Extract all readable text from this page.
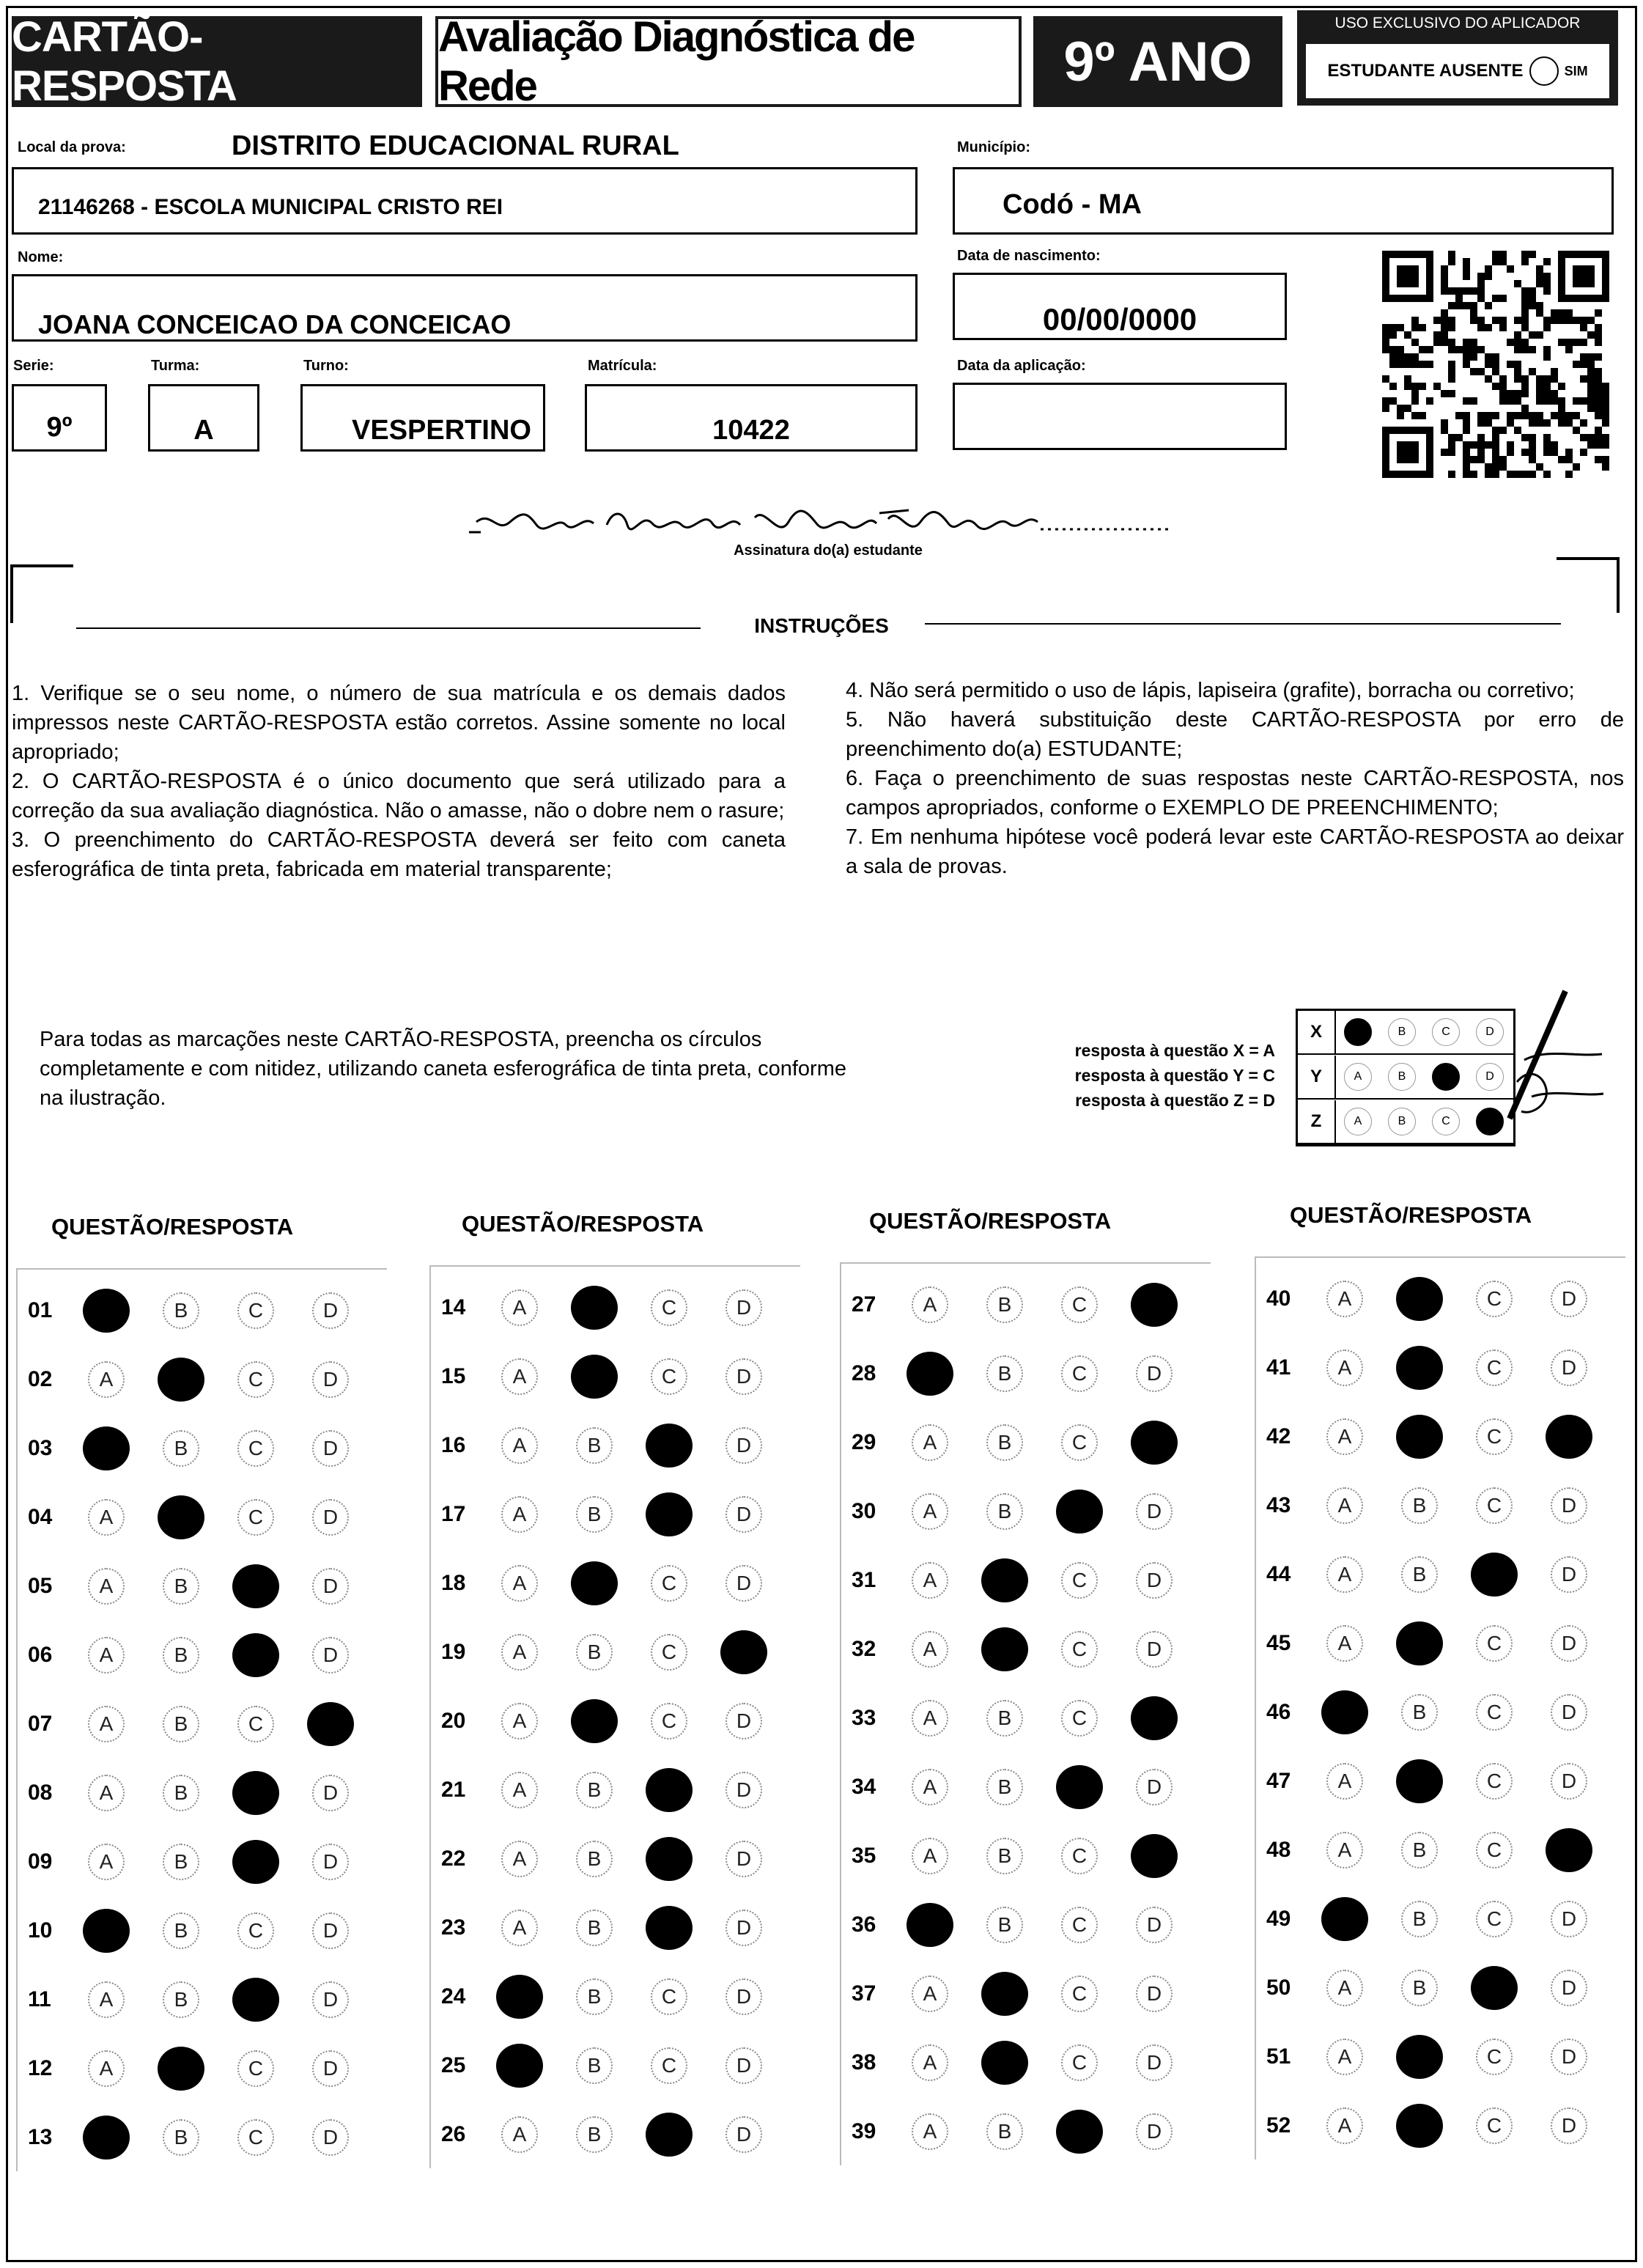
CARTÃO-RESPOSTA
Avaliação Diagnóstica de Rede	9º ANO
USO EXCLUSIVO DO APLICADOR
ESTUDANTE AUSENTE	SIM
Local da prova:	DISTRITO EDUCACIONAL RURAL
21146268 - ESCOLA MUNICIPAL CRISTO REI
Município:
Codó - MA
Nome:
JOANA CONCEICAO DA CONCEICAO
Data de nascimento:
00/00/0000
Serie:
9º
Turma:
A
Turno:
VESPERTINO
Matrícula:
10422
Data da aplicação:
Assinatura do(a) estudante
INSTRUÇÕES

1. Verifique se o seu nome, o número de sua matrícula e os demais dados impressos neste CARTÃO-RESPOSTA estão corretos. Assine somente no local apropriado;

2. O CARTÃO-RESPOSTA é o único documento que será utilizado para a correção da sua avaliação diagnóstica. Não o amasse, não o dobre nem o rasure;

3. O preenchimento do CARTÃO-RESPOSTA deverá ser feito com caneta esferográfica de tinta preta, fabricada em material transparente;

4. Não será permitido o uso de lápis, lapiseira (grafite), borracha ou corretivo;

5. Não haverá substituição deste CARTÃO-RESPOSTA por erro de preenchimento do(a) ESTUDANTE;

6. Faça o preenchimento de suas respostas neste CARTÃO-RESPOSTA, nos campos apropriados, conforme o EXEMPLO DE PREENCHIMENTO;

7. Em nenhuma hipótese você poderá levar este CARTÃO-RESPOSTA ao deixar a sala de provas.

Para todas as marcações neste CARTÃO-RESPOSTA, preencha os círculos completamente e com nitidez, utilizando caneta esferográfica de tinta preta, conforme na ilustração.
resposta à questão X = A
resposta à questão Y = C
resposta à questão Z = D
X	A	B	C	D
Y	A	B	C	D
Z	A	B	C	D
QUESTÃO/RESPOSTA
01	A	B	C	D
02	A	B	C	D
03	A	B	C	D
04	A	B	C	D
05	A	B	C	D
06	A	B	C	D
07	A	B	C	D
08	A	B	C	D
09	A	B	C	D
10	A	B	C	D
11	A	B	C	D
12	A	B	C	D
13	A	B	C	D
QUESTÃO/RESPOSTA
14	A	B	C	D
15	A	B	C	D
16	A	B	C	D
17	A	B	C	D
18	A	B	C	D
19	A	B	C	D
20	A	B	C	D
21	A	B	C	D
22	A	B	C	D
23	A	B	C	D
24	A	B	C	D
25	A	B	C	D
26	A	B	C	D
QUESTÃO/RESPOSTA
27	A	B	C	D
28	A	B	C	D
29	A	B	C	D
30	A	B	C	D
31	A	B	C	D
32	A	B	C	D
33	A	B	C	D
34	A	B	C	D
35	A	B	C	D
36	A	B	C	D
37	A	B	C	D
38	A	B	C	D
39	A	B	C	D
QUESTÃO/RESPOSTA
40	A	B	C	D
41	A	B	C	D
42	A	B	C	D
43	A	B	C	D
44	A	B	C	D
45	A	B	C	D
46	A	B	C	D
47	A	B	C	D
48	A	B	C	D
49	A	B	C	D
50	A	B	C	D
51	A	B	C	D
52	A	B	C	D
